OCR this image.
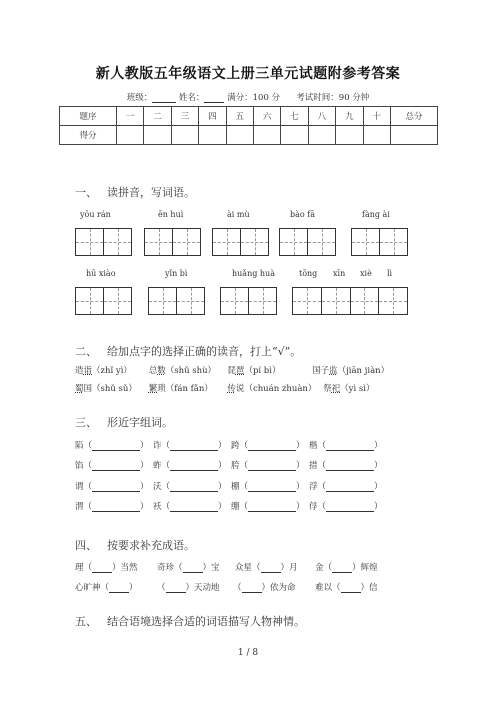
新人教版五年级语文上册三单元试题附参考答案
班级：	姓名：	满分：100 分 考试时间：90 分钟
题序	一	二	三	四	五	六	七	八	九	十	总分
得分											
一、 读拼音，写词语。
yōu rán	ēn huì	ài mù	bào fā	fàng ài
hū xiào	yǐn bì	huǎng huà	tōng xīn xiè lì
二、 给加点字的选择正确的读音，打上“√”。
造诣（zhǐ yì） 总数（shǔ shù） 琵琶（pí bì）	国子监（jiān jiàn）
蜀国（shǔ sǔ） 繁琐（fán fǎn） 传说（chuán zhuàn） 祭祀（yì sì）
三、 形近字组词。
陷（	） 诈（	） 跨（	） 楷（	）
馅（	） 蚱（	） 胯（	） 措（	）
谓（	） 沃（	） 棚（	） 浮（	）
渭（	） 袄（	） 绷（	） 俘（	）
四、 按要求补充成语。
理（ ）当然 奇珍（ ）宝 众星（ ）月 金（ ）辉煌
心旷神（ ） （ ）天动地 （ ）依为命 难以（ ）信
五、 结合语境选择合适的词语描写人物神情。
1 / 8
